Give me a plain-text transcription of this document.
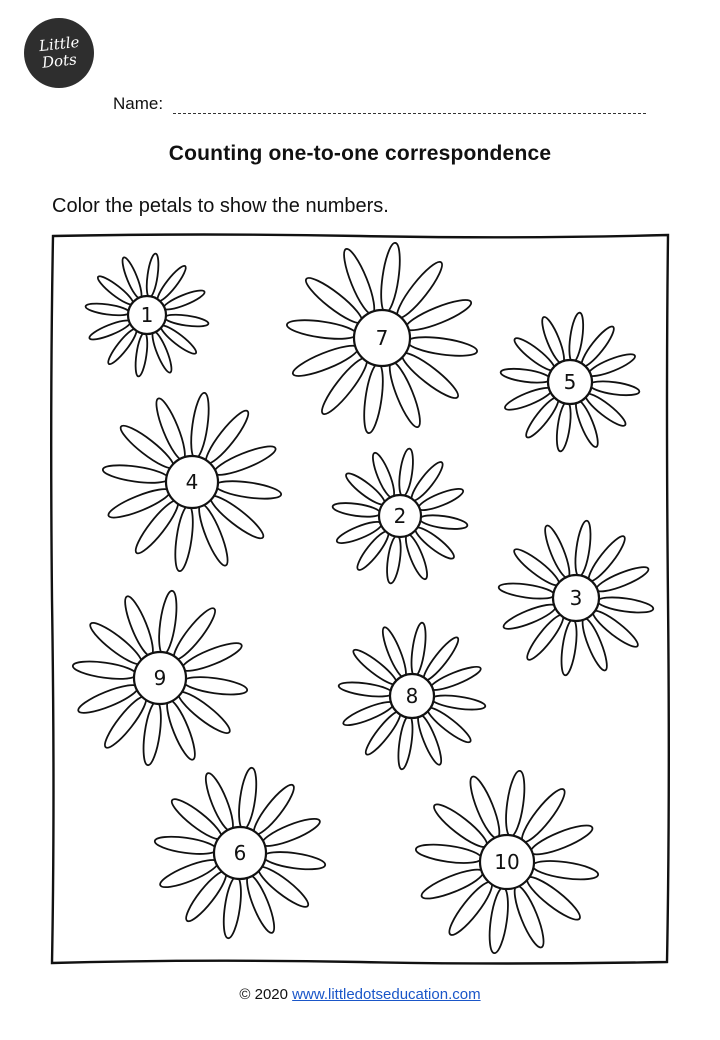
Little
Dots
Name:
Counting one-to-one correspondence
Color the petals to show the numbers.
1
7
5
4
2
3
9
8
6	10
© 2020 www.littledotseducation.com
